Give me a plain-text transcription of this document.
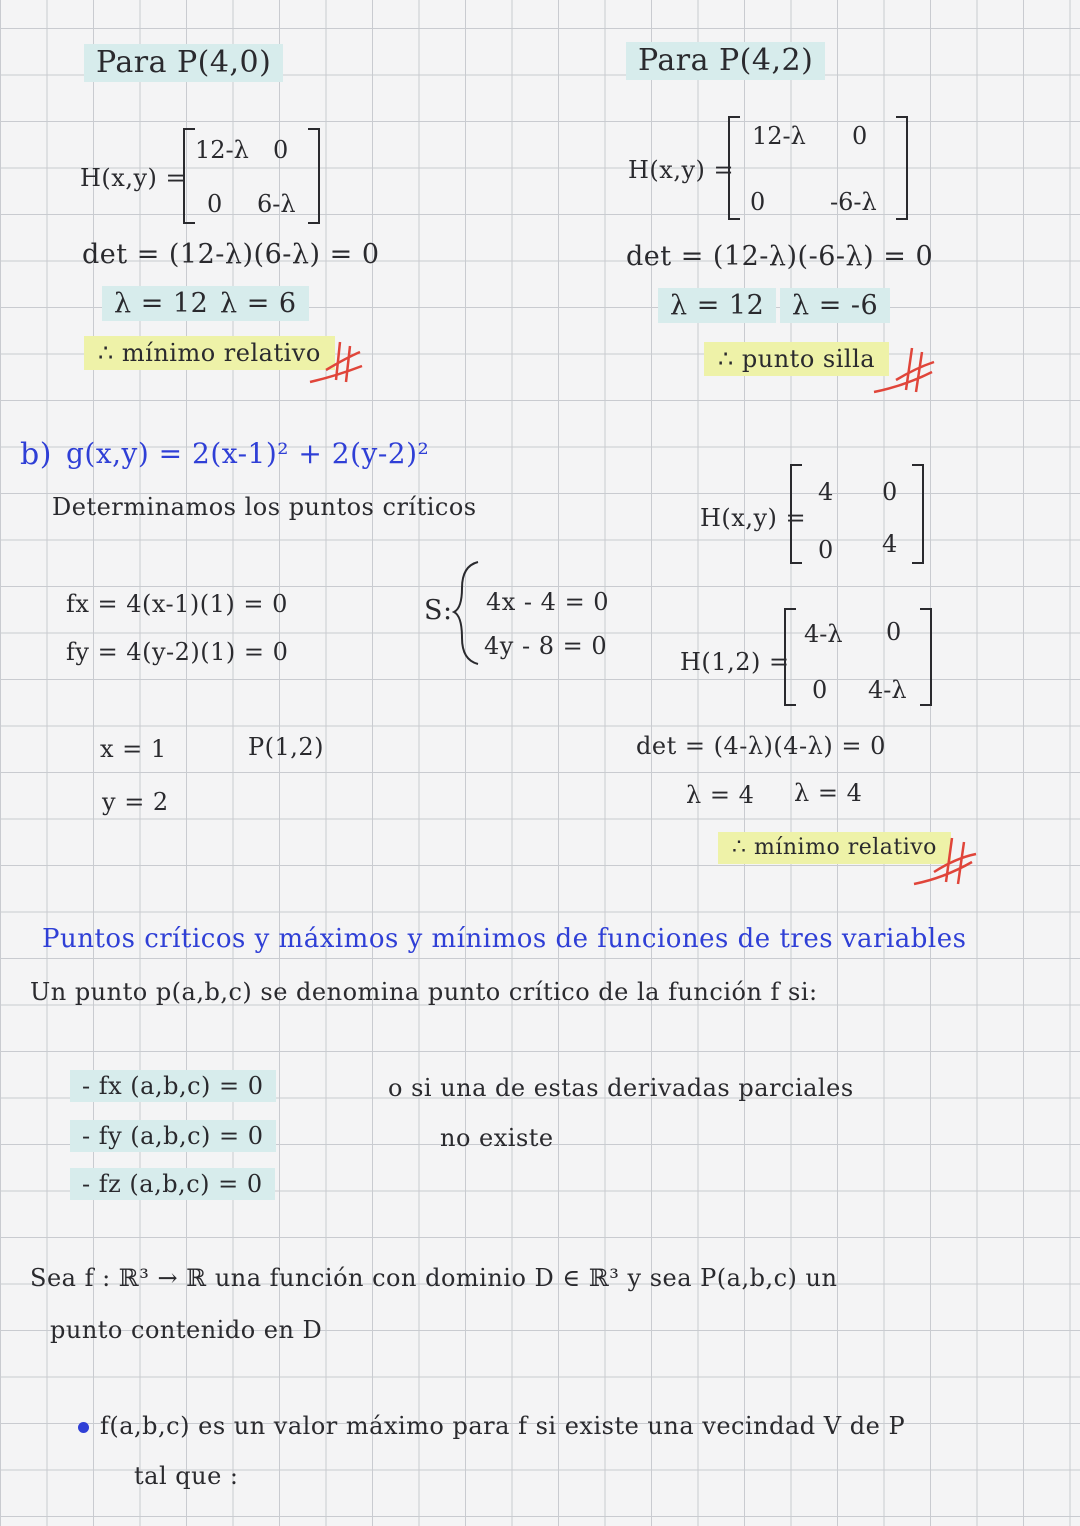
Para P(4,0)
H(x,y) =
12-λ 0
0 6-λ
det = (12-λ)(6-λ) = 0
λ = 12 λ = 6
∴ mínimo relativo
Para P(4,2)
H(x,y) =
12-λ 0
0	-6-λ
det = (12-λ)(-6-λ) = 0
λ = 12	λ = -6
∴ punto silla
b) g(x,y) = 2(x-1)² + 2(y-2)²
Determinamos los puntos críticos
fx = 4(x-1)(1) = 0
fy = 4(y-2)(1) = 0
S: 4x - 4 = 0
4y - 8 = 0
x = 1	P(1,2)
y = 2
H(x,y) =
4 0
0 4
H(1,2) =
4-λ 0
0 4-λ
det = (4-λ)(4-λ) = 0
λ = 4 λ = 4
∴ mínimo relativo
Puntos críticos y máximos y mínimos de funciones de tres variables
Un punto p(a,b,c) se denomina punto crítico de la función f si:
- fx (a,b,c) = 0
- fy (a,b,c) = 0
- fz (a,b,c) = 0
o si una de estas derivadas parciales
no existe
Sea f : ℝ³ → ℝ una función con dominio D ∈ ℝ³ y sea P(a,b,c) un
punto contenido en D
f(a,b,c) es un valor máximo para f si existe una vecindad V de P
tal que :
